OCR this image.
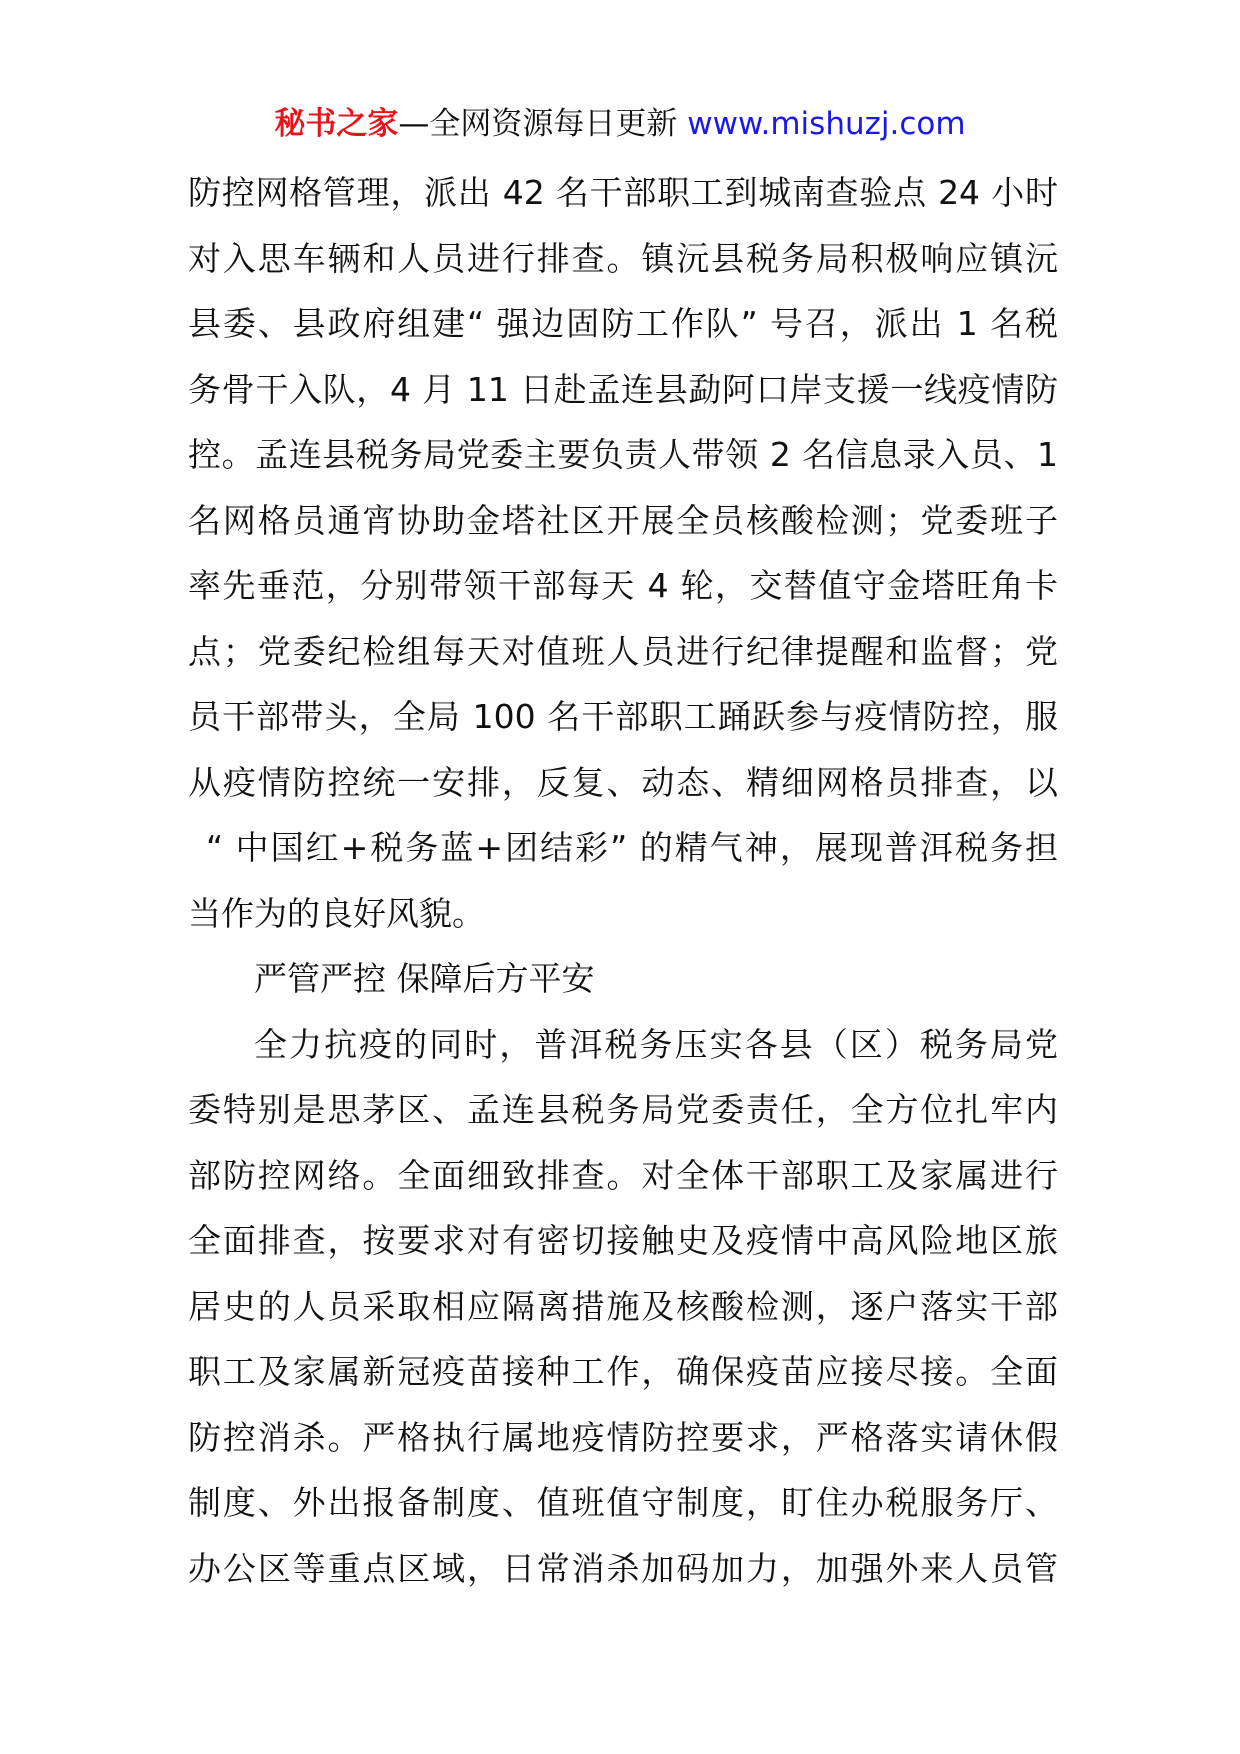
秘书之家—全网资源每日更新 www.mishuzj.com
防控网格管理，派出 42 名干部职工到城南查验点 24 小时
对入思车辆和人员进行排查。镇沅县税务局积极响应镇沅
县委、县政府组建“ 强边固防工作队” 号召，派出 1 名税
务骨干入队，4 月 11 日赴孟连县勐阿口岸支援一线疫情防
控。孟连县税务局党委主要负责人带领 2 名信息录入员、1
名网格员通宵协助金塔社区开展全员核酸检测；党委班子
率先垂范，分别带领干部每天 4 轮，交替值守金塔旺角卡
点；党委纪检组每天对值班人员进行纪律提醒和监督；党
员干部带头，全局 100 名干部职工踊跃参与疫情防控，服
从疫情防控统一安排，反复、动态、精细网格员排查，以
“ 中国红+税务蓝+团结彩” 的精气神，展现普洱税务担
当作为的良好风貌。
严管严控 保障后方平安
全力抗疫的同时，普洱税务压实各县（区）税务局党
委特别是思茅区、孟连县税务局党委责任，全方位扎牢内
部防控网络。全面细致排查。对全体干部职工及家属进行
全面排查，按要求对有密切接触史及疫情中高风险地区旅
居史的人员采取相应隔离措施及核酸检测，逐户落实干部
职工及家属新冠疫苗接种工作，确保疫苗应接尽接。全面
防控消杀。严格执行属地疫情防控要求，严格落实请休假
制度、外出报备制度、值班值守制度，盯住办税服务厅、
办公区等重点区域，日常消杀加码加力，加强外来人员管
